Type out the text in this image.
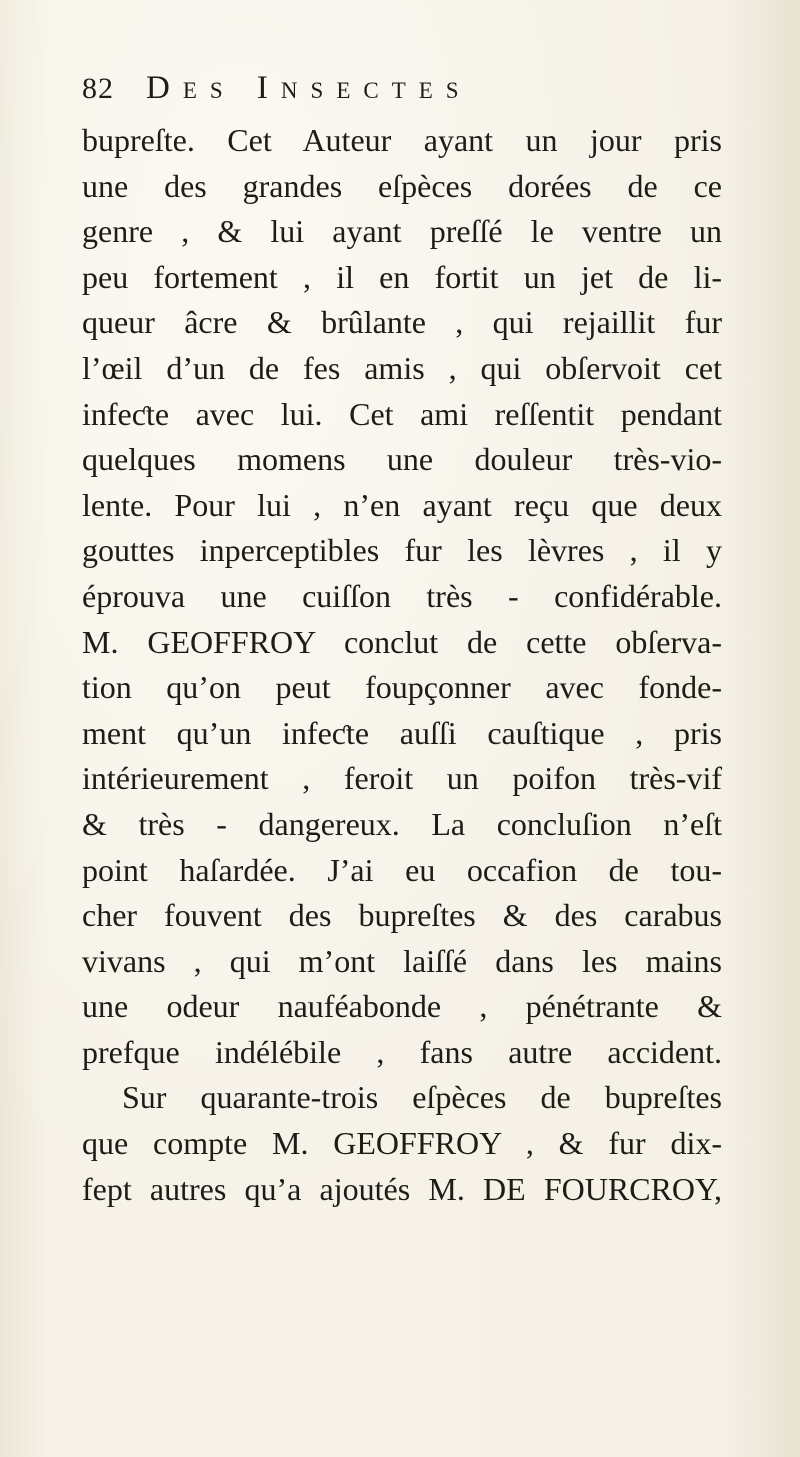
82 Des Insectes
bupreſte. Cet Auteur ayant un jour pris
une des grandes eſpèces dorées de ce
genre , & lui ayant preſſé le ventre un
peu fortement , il en fortit un jet de li-
queur âcre & brûlante , qui rejaillit fur
l’œil d’un de fes amis , qui obſervoit cet
infeƈte avec lui. Cet ami reſſentit pendant
quelques momens une douleur très-vio-
lente. Pour lui , n’en ayant reçu que deux
gouttes inperceptibles fur les lèvres , il y
éprouva une cuiſſon très - confidérable.
M. GEOFFROY conclut de cette obſerva-
tion qu’on peut foupçonner avec fonde-
ment qu’un infeƈte auſſi cauſtique , pris
intérieurement , feroit un poifon très-vif
& très - dangereux. La concluſion n’eſt
point haſardée. J’ai eu occafion de tou-
cher fouvent des bupreſtes & des carabus
vivans , qui m’ont laiſſé dans les mains
une odeur nauféabonde , pénétrante &
prefque indélébile , fans autre accident.
Sur quarante-trois eſpèces de bupreſtes
que compte M. GEOFFROY , & fur dix-
fept autres qu’a ajoutés M. DE FOURCROY,
